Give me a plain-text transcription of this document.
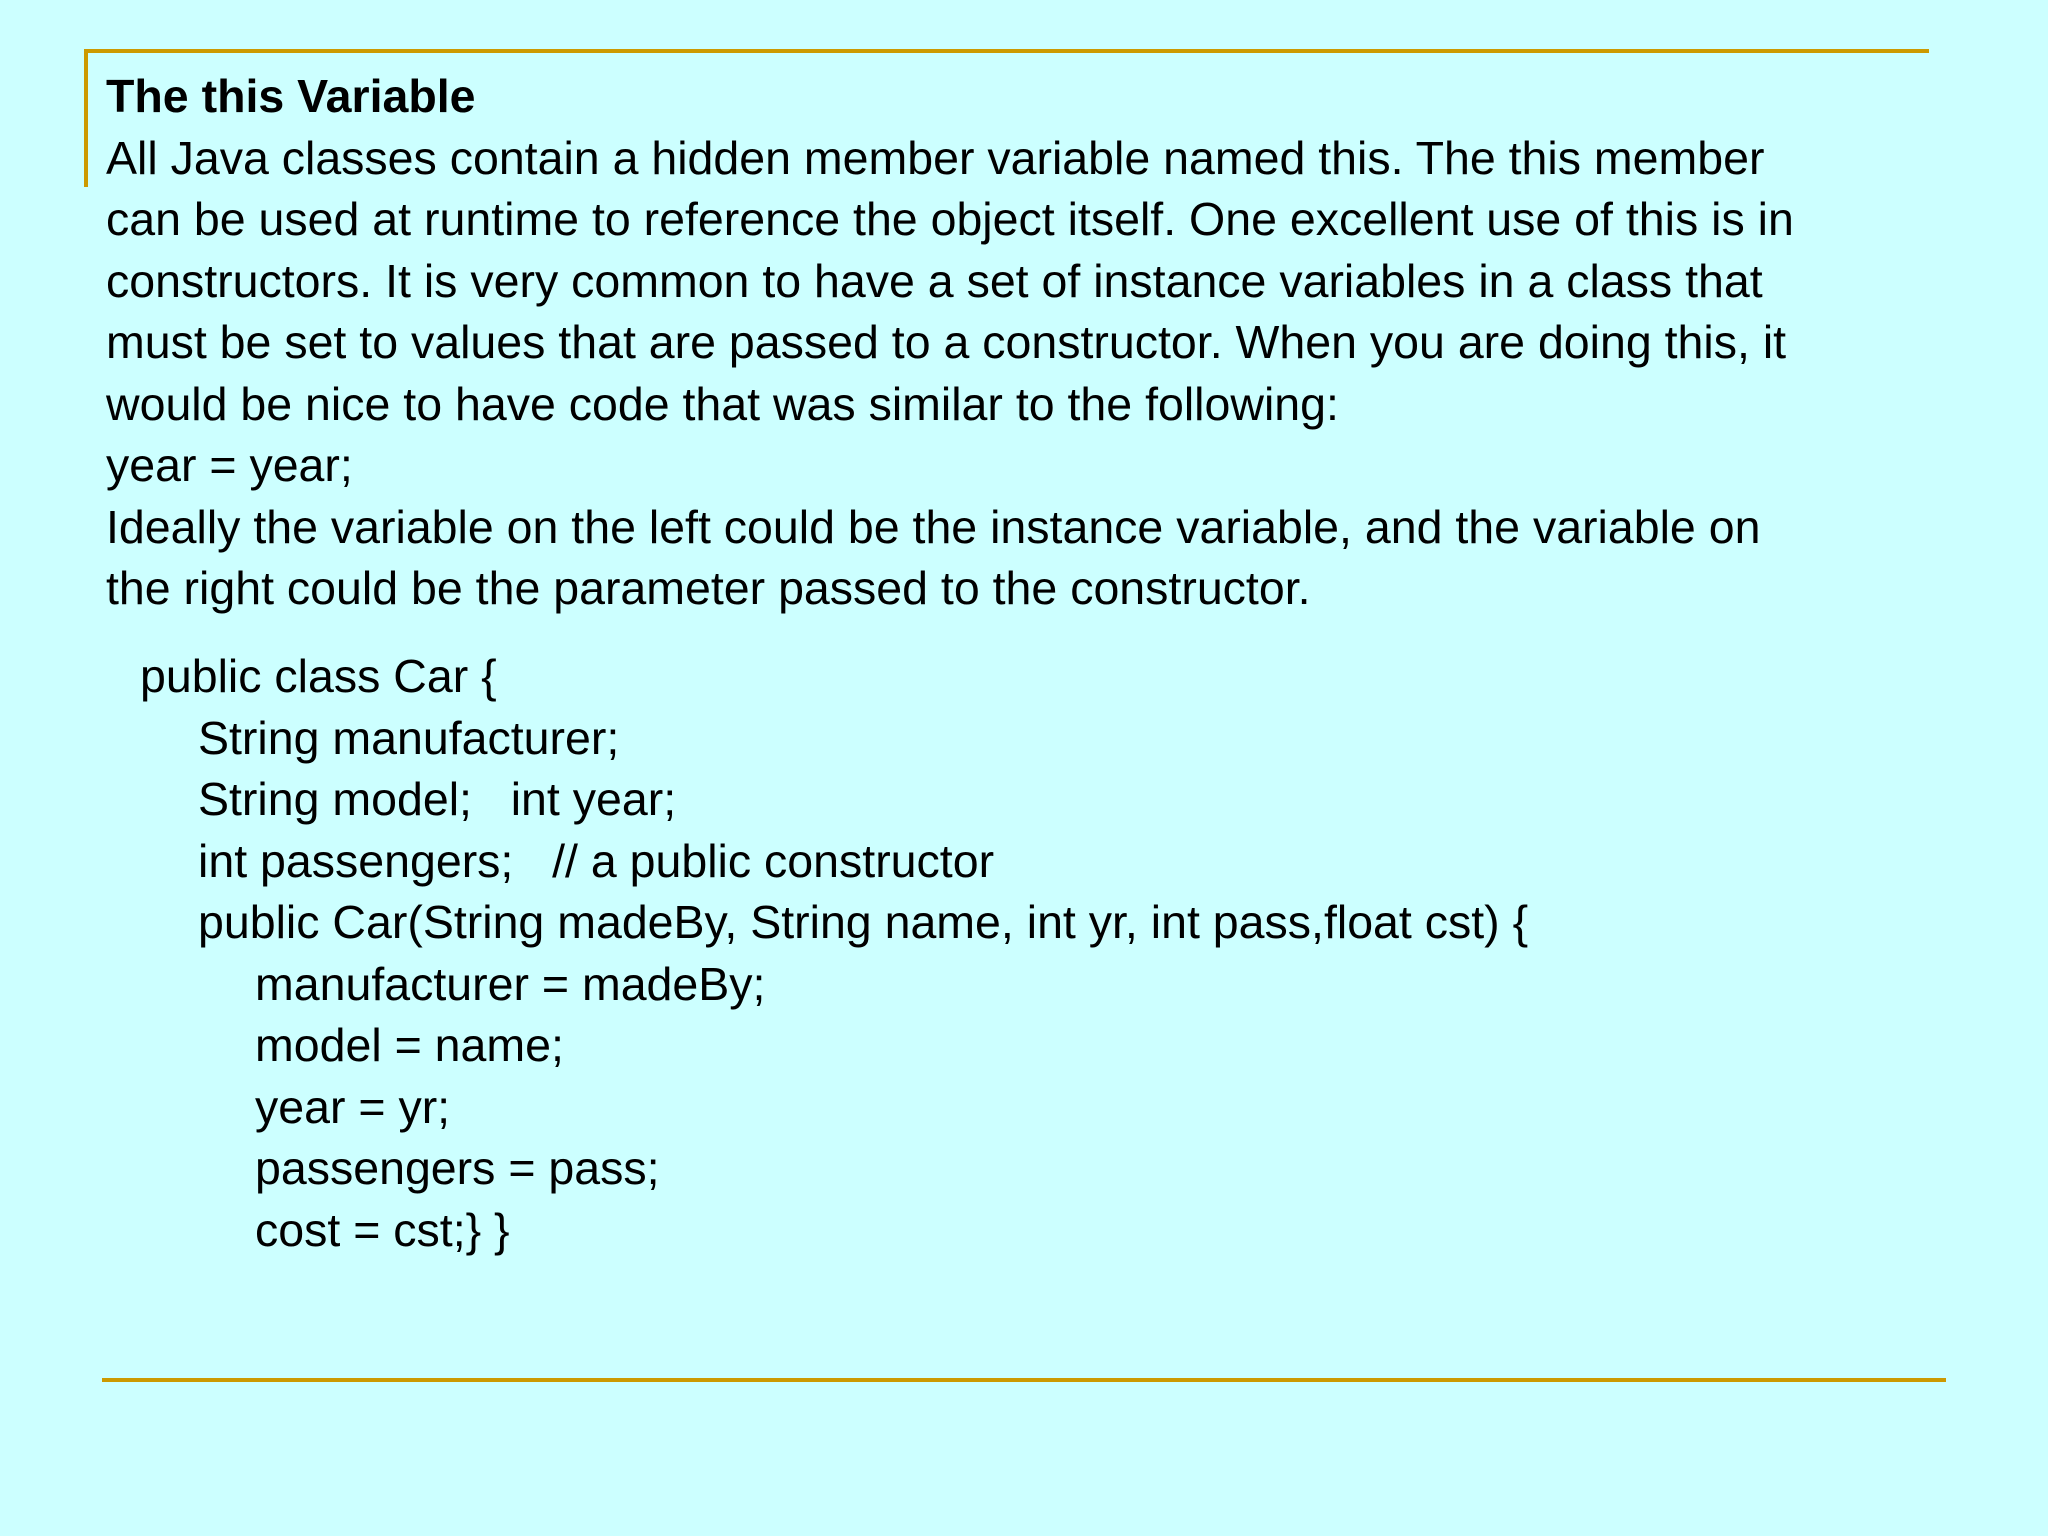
The this Variable

All Java classes contain a hidden member variable named this. The this member

can be used at runtime to reference the object itself. One excellent use of this is in

constructors. It is very common to have a set of instance variables in a class that

must be set to values that are passed to a constructor. When you are doing this, it

would be nice to have code that was similar to the following:

year = year;

Ideally the variable on the left could be the instance variable, and the variable on

the right could be the parameter passed to the constructor.

public class Car {

String manufacturer;

String model;   int year;

int passengers;   // a public constructor

public Car(String madeBy, String name, int yr, int pass,float cst) {

manufacturer = madeBy;

model = name;

year = yr;

passengers = pass;

cost = cst;} }
